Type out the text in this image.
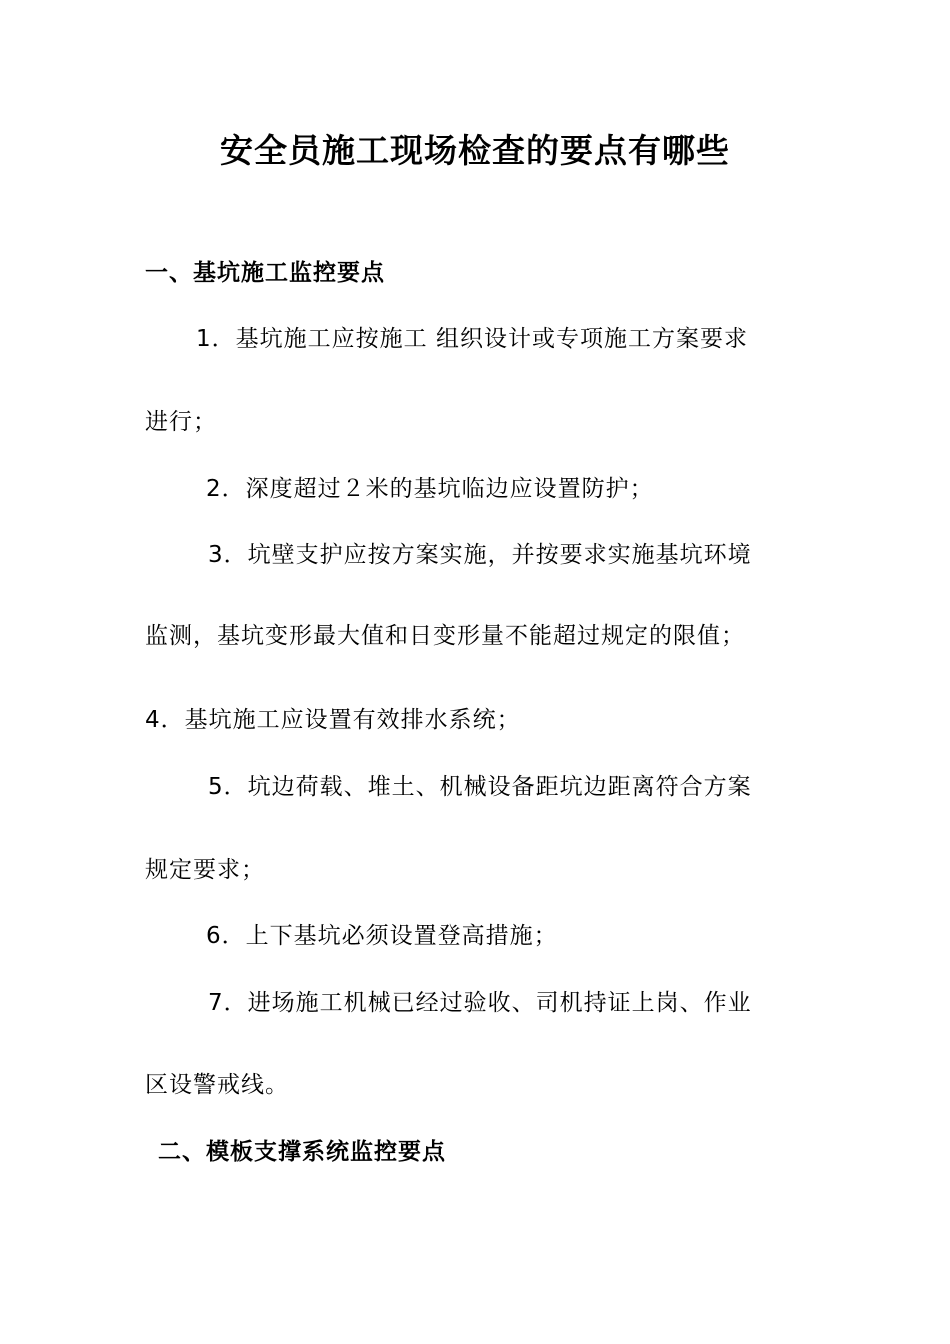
安全员施工现场检查的要点有哪些
一、基坑施工监控要点
1．基坑施工应按施工 组织设计或专项施工方案要求
进行；
2．深度超过２米的基坑临边应设置防护；
3．坑壁支护应按方案实施，并按要求实施基坑环境
监测，基坑变形最大值和日变形量不能超过规定的限值；
4．基坑施工应设置有效排水系统；
5．坑边荷载、堆土、机械设备距坑边距离符合方案
规定要求；
6．上下基坑必须设置登高措施；
7．进场施工机械已经过验收、司机持证上岗、作业
区设警戒线。
二、模板支撑系统监控要点
